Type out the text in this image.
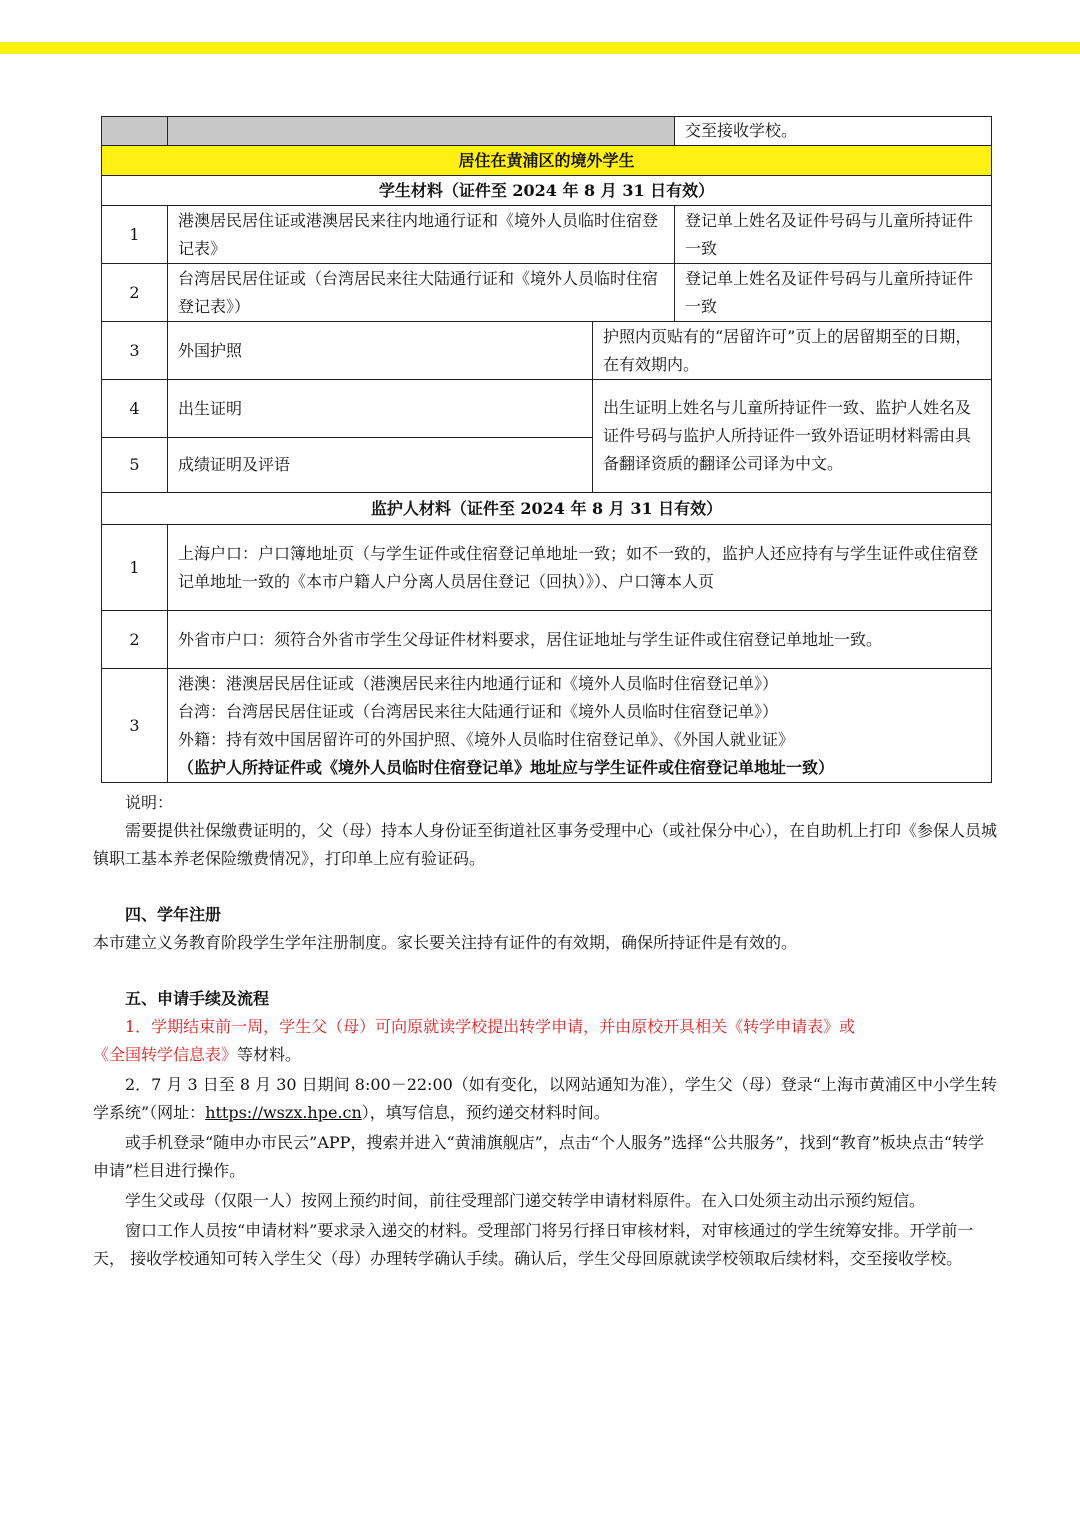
			交至接收学校。
居住在黄浦区的境外学生			
学生材料（证件至 2024 年 8 月 31 日有效）			
1	港澳居民居住证或港澳居民来往内地通行证和《境外人员临时住宿登记表》		登记单上姓名及证件号码与儿童所持证件一致
2	台湾居民居住证或（台湾居民来往大陆通行证和《境外人员临时住宿登记表》）		登记单上姓名及证件号码与儿童所持证件一致
3	外国护照	护照内页贴有的“居留许可”页上的居留期至的日期，在有效期内。	
4	出生证明	出生证明上姓名与儿童所持证件一致、监护人姓名及证件号码与监护人所持证件一致外语证明材料需由具备翻译资质的翻译公司译为中文。	
5	成绩证明及评语		
监护人材料（证件至 2024 年 8 月 31 日有效）			
1	上海户口：户口簿地址页（与学生证件或住宿登记单地址一致；如不一致的，监护人还应持有与学生证件或住宿登记单地址一致的《本市户籍人户分离人员居住登记（回执）》）、户口簿本人页		
2	外省市户口：须符合外省市学生父母证件材料要求，居住证地址与学生证件或住宿登记单地址一致。		
3	港澳：港澳居民居住证或（港澳居民来往内地通行证和《境外人员临时住宿登记单》）
台湾：台湾居民居住证或（台湾居民来往大陆通行证和《境外人员临时住宿登记单》）
外籍：持有效中国居留许可的外国护照、《境外人员临时住宿登记单》、《外国人就业证》
（监护人所持证件或《境外人员临时住宿登记单》地址应与学生证件或住宿登记单地址一致）		
说明：
需要提供社保缴费证明的，父（母）持本人身份证至街道社区事务受理中心（或社保分中心），在自助机上打印《参保人员城镇职工基本养老保险缴费情况》，打印单上应有验证码。
四、学年注册
本市建立义务教育阶段学生学年注册制度。家长要关注持有证件的有效期，确保所持证件是有效的。
五、申请手续及流程
1．学期结束前一周，学生父（母）可向原就读学校提出转学申请，并由原校开具相关《转学申请表》或《全国转学信息表》等材料。
2．7 月 3 日至 8 月 30 日期间 8:00－22:00（如有变化，以网站通知为准），学生父（母）登录“上海市黄浦区中小学生转学系统”（网址：https://wszx.hpe.cn），填写信息，预约递交材料时间。
或手机登录“随申办市民云”APP，搜索并进入“黄浦旗舰店”，点击“个人服务”选择“公共服务”，找到“教育”板块点击“转学申请”栏目进行操作。
学生父或母（仅限一人）按网上预约时间，前往受理部门递交转学申请材料原件。在入口处须主动出示预约短信。
窗口工作人员按“申请材料”要求录入递交的材料。受理部门将另行择日审核材料，对审核通过的学生统筹安排。开学前一天， 接收学校通知可转入学生父（母）办理转学确认手续。确认后，学生父母回原就读学校领取后续材料，交至接收学校。
